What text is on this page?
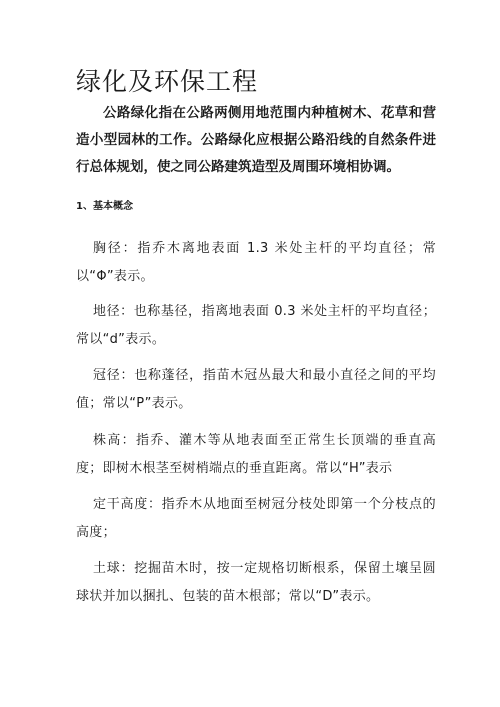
绿化及环保工程
公路绿化指在公路两侧用地范围内种植树木、花草和营造小型园林的工作。公路绿化应根据公路沿线的自然条件进行总体规划，使之同公路建筑造型及周围环境相协调。
1、基本概念
胸径：指乔木离地表面 1.3 米处主杆的平均直径；常以“Φ”表示。
地径：也称基径，指离地表面 0.3 米处主杆的平均直径；常以“d”表示。
冠径：也称蓬径，指苗木冠丛最大和最小直径之间的平均值；常以“P”表示。
株高：指乔、灌木等从地表面至正常生长顶端的垂直高度；即树木根茎至树梢端点的垂直距离。常以“H”表示
定干高度：指乔木从地面至树冠分枝处即第一个分枝点的高度；
土球：挖掘苗木时，按一定规格切断根系，保留土壤呈圆球状并加以捆扎、包装的苗木根部；常以“D”表示。
